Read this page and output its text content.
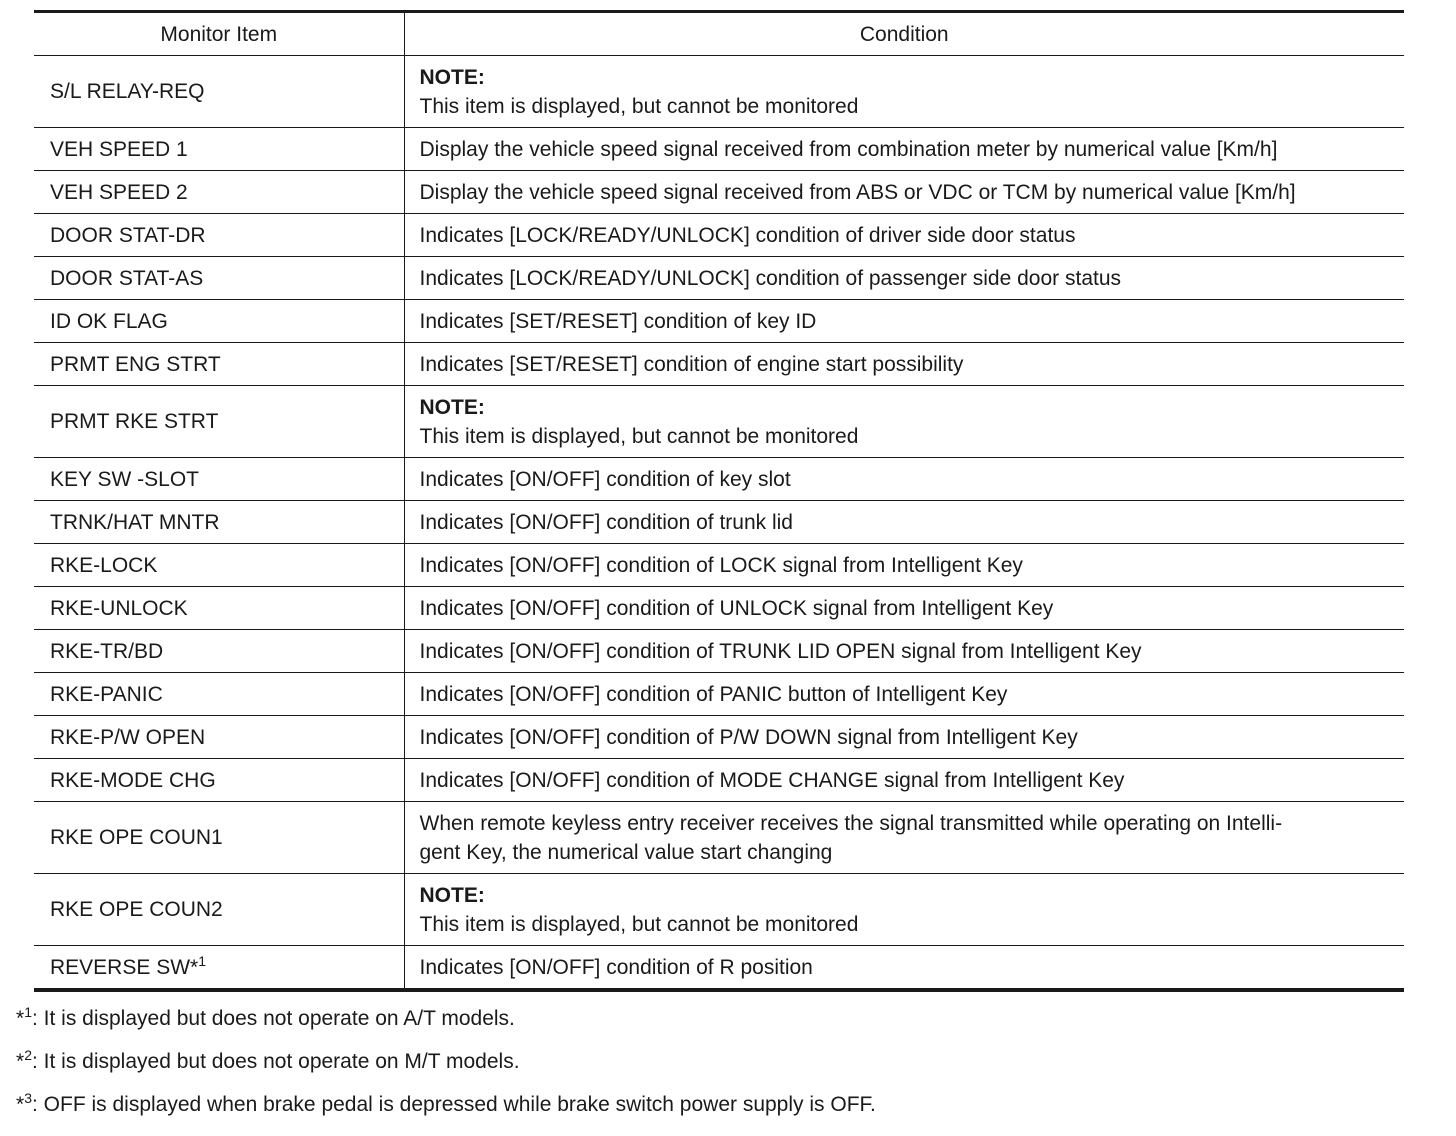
Monitor Item	Condition
S/L RELAY-REQ	NOTE:
This item is displayed, but cannot be monitored

VEH SPEED 1	Display the vehicle speed signal received from combination meter by numerical value [Km/h]
VEH SPEED 2	Display the vehicle speed signal received from ABS or VDC or TCM by numerical value [Km/h]
DOOR STAT-DR	Indicates [LOCK/READY/UNLOCK] condition of driver side door status
DOOR STAT-AS	Indicates [LOCK/READY/UNLOCK] condition of passenger side door status
ID OK FLAG	Indicates [SET/RESET] condition of key ID
PRMT ENG STRT	Indicates [SET/RESET] condition of engine start possibility
PRMT RKE STRT	NOTE:
This item is displayed, but cannot be monitored

KEY SW -SLOT	Indicates [ON/OFF] condition of key slot
TRNK/HAT MNTR	Indicates [ON/OFF] condition of trunk lid
RKE-LOCK	Indicates [ON/OFF] condition of LOCK signal from Intelligent Key
RKE-UNLOCK	Indicates [ON/OFF] condition of UNLOCK signal from Intelligent Key
RKE-TR/BD	Indicates [ON/OFF] condition of TRUNK LID OPEN signal from Intelligent Key
RKE-PANIC	Indicates [ON/OFF] condition of PANIC button of Intelligent Key
RKE-P/W OPEN	Indicates [ON/OFF] condition of P/W DOWN signal from Intelligent Key
RKE-MODE CHG	Indicates [ON/OFF] condition of MODE CHANGE signal from Intelligent Key
RKE OPE COUN1	When remote keyless entry receiver receives the signal transmitted while operating on Intelli-
gent Key, the numerical value start changing

RKE OPE COUN2	NOTE:
This item is displayed, but cannot be monitored

REVERSE SW*$^1$	Indicates [ON/OFF] condition of R position
*$^1$: It is displayed but does not operate on A/T models.
*$^2$: It is displayed but does not operate on M/T models.
*$^3$: OFF is displayed when brake pedal is depressed while brake switch power supply is OFF.
